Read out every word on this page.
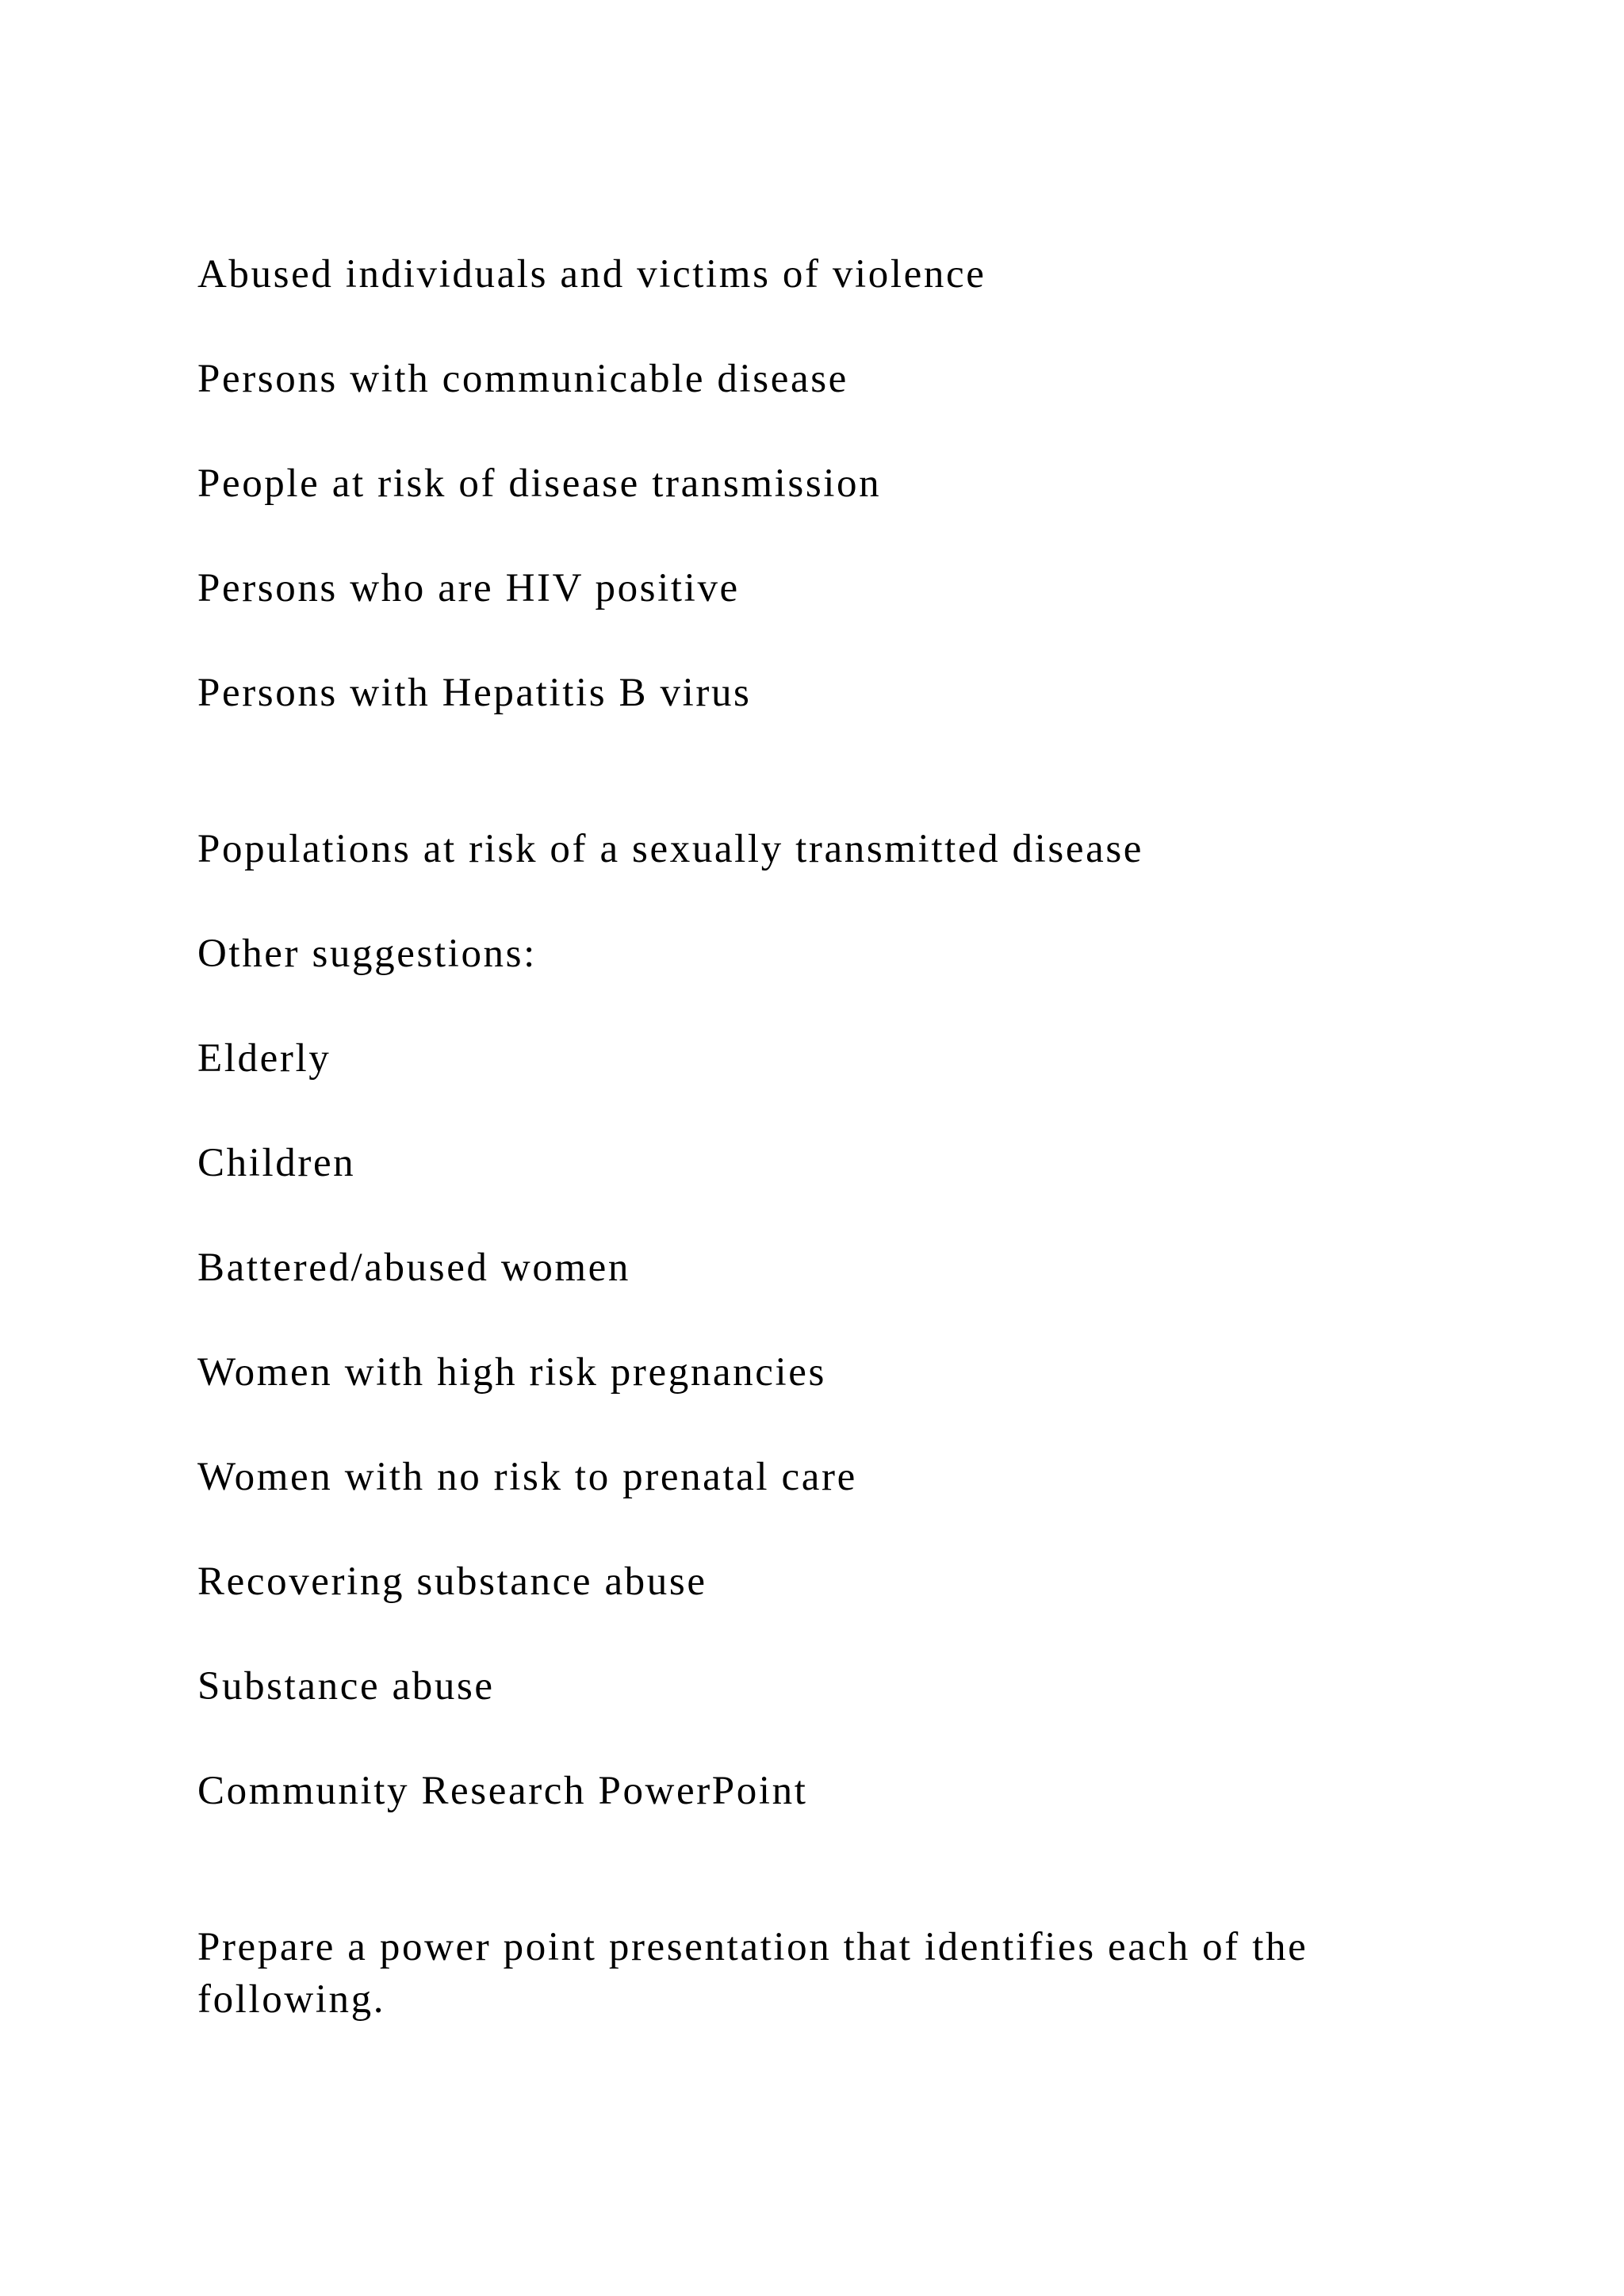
Abused individuals and victims of violence

Persons with communicable disease

People at risk of disease transmission

Persons who are HIV positive

Persons with Hepatitis B virus

Populations at risk of a sexually transmitted disease

Other suggestions:

Elderly

Children

Battered/abused women

Women with high risk pregnancies

Women with no risk to prenatal care

Recovering substance abuse

Substance abuse

Community Research PowerPoint

Prepare a power point presentation that identifies each of the following.
